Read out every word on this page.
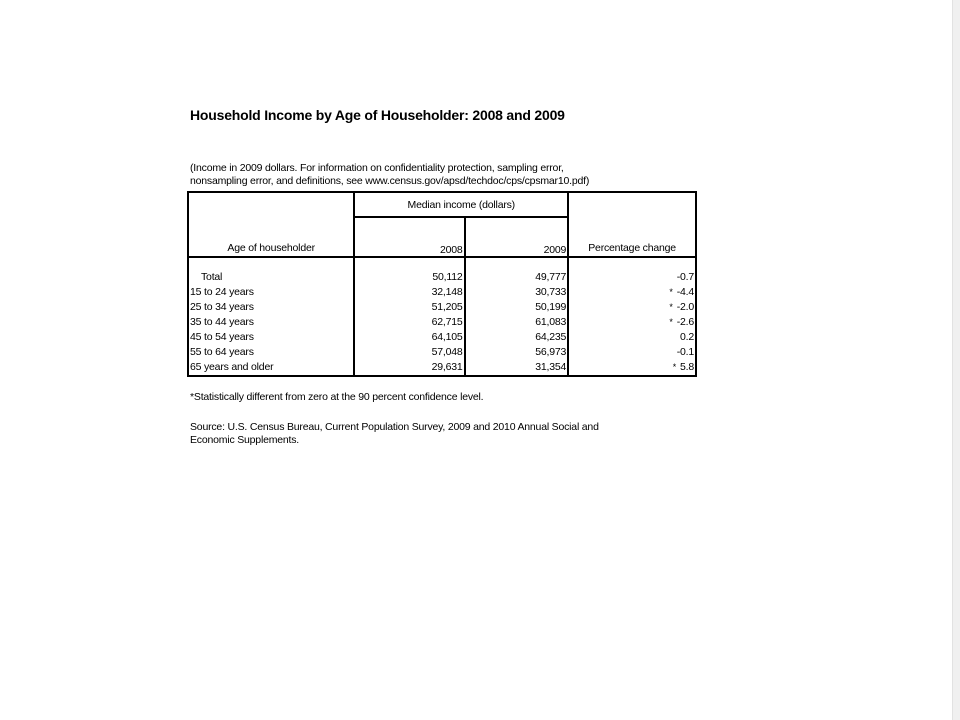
Household Income by Age of Householder: 2008 and 2009
(Income in 2009 dollars. For information on confidentiality protection, sampling error,
nonsampling error, and definitions, see www.census.gov/apsd/techdoc/cps/cpsmar10.pdf)
Age of householder	Median income (dollars)		Percentage change
	2008	2009	

Total	50,112	49,777	-0.7
15 to 24 years	32,148	30,733	* -4.4
25 to 34 years	51,205	50,199	* -2.0
35 to 44 years	62,715	61,083	* -2.6
45 to 54 years	64,105	64,235	0.2
55 to 64 years	57,048	56,973	-0.1
65 years and older	29,631	31,354	* 5.8
*Statistically different from zero at the 90 percent confidence level.
Source: U.S. Census Bureau, Current Population Survey, 2009 and 2010 Annual Social and
Economic Supplements.
